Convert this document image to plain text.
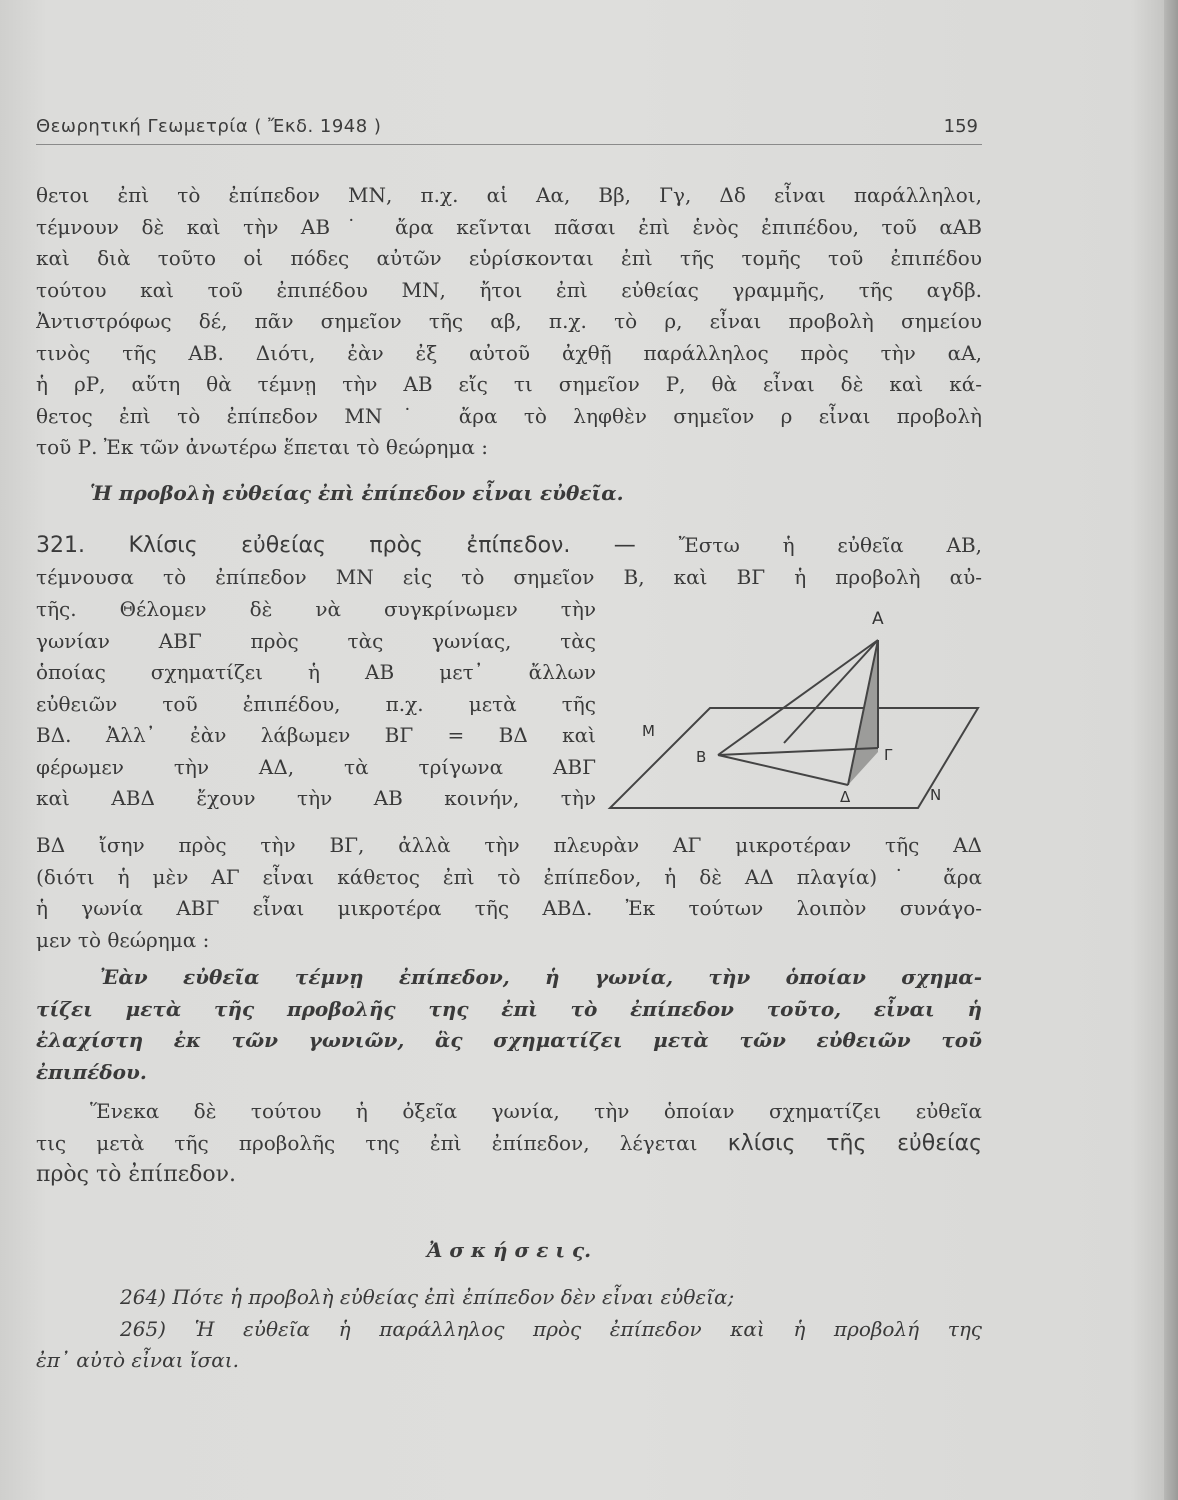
Θεωρητική Γεωμετρία ( Ἔκδ. 1948 )	159
θετοι ἐπὶ τὸ ἐπίπεδον ΜΝ, π.χ. αἱ Αα, Ββ, Γγ, Δδ εἶναι παράλληλοι,
τέμνουν δὲ καὶ τὴν ΑΒ˙ ἄρα κεῖνται πᾶσαι ἐπὶ ἑνὸς ἐπιπέδου, τοῦ αΑΒ
καὶ διὰ τοῦτο οἱ πόδες αὐτῶν εὑρίσκονται ἐπὶ τῆς τομῆς τοῦ ἐπιπέδου
τούτου καὶ τοῦ ἐπιπέδου ΜΝ, ἤτοι ἐπὶ εὐθείας γραμμῆς, τῆς αγδβ.
Ἀντιστρόφως δέ, πᾶν σημεῖον τῆς αβ, π.χ. τὸ ρ, εἶναι προβολὴ σημείου
τινὸς τῆς ΑΒ. Διότι, ἐὰν ἐξ αὐτοῦ ἀχθῇ παράλληλος πρὸς τὴν αΑ,
ἡ ρΡ, αὕτη θὰ τέμνῃ τὴν ΑΒ εἴς τι σημεῖον Ρ, θὰ εἶναι δὲ καὶ κά-
θετος ἐπὶ τὸ ἐπίπεδον ΜΝ˙ ἄρα τὸ ληφθὲν σημεῖον ρ εἶναι προβολὴ
τοῦ Ρ. Ἐκ τῶν ἀνωτέρω ἕπεται τὸ θεώρημα :
Ἡ προβολὴ εὐθείας ἐπὶ ἐπίπεδον εἶναι εὐθεῖα.
321. Κλίσις εὐθείας πρὸς ἐπίπεδον. — Ἔστω ἡ εὐθεῖα ΑΒ,
τέμνουσα τὸ ἐπίπεδον ΜΝ εἰς τὸ σημεῖον Β, καὶ ΒΓ ἡ προβολὴ αὐ-
τῆς. Θέλομεν δὲ νὰ συγκρίνωμεν τὴν
γωνίαν ΑΒΓ πρὸς τὰς γωνίας, τὰς
ὁποίας σχηματίζει ἡ ΑΒ μετ᾽ ἄλλων
εὐθειῶν τοῦ ἐπιπέδου, π.χ. μετὰ τῆς
ΒΔ. Ἀλλ᾽ ἐὰν λάβωμεν ΒΓ = ΒΔ καὶ
φέρωμεν τὴν ΑΔ, τὰ τρίγωνα ΑΒΓ
καὶ ΑΒΔ ἔχουν τὴν ΑΒ κοινήν, τὴν
A
M
B	Γ
Δ	N
ΒΔ ἴσην πρὸς τὴν ΒΓ, ἀλλὰ τὴν πλευρὰν ΑΓ μικροτέραν τῆς ΑΔ
(διότι ἡ μὲν ΑΓ εἶναι κάθετος ἐπὶ τὸ ἐπίπεδον, ἡ δὲ ΑΔ πλαγία)˙ ἄρα
ἡ γωνία ΑΒΓ εἶναι μικροτέρα τῆς ΑΒΔ. Ἐκ τούτων λοιπὸν συνάγο-
μεν τὸ θεώρημα :
Ἐὰν εὐθεῖα τέμνῃ ἐπίπεδον, ἡ γωνία, τὴν ὁποίαν σχημα-
τίζει μετὰ τῆς προβολῆς της ἐπὶ τὸ ἐπίπεδον τοῦτο, εἶναι ἡ
ἐλαχίστη ἐκ τῶν γωνιῶν, ἃς σχηματίζει μετὰ τῶν εὐθειῶν τοῦ
ἐπιπέδου.
Ἕνεκα δὲ τούτου ἡ ὀξεῖα γωνία, τὴν ὁποίαν σχηματίζει εὐθεῖα
τις μετὰ τῆς προβολῆς της ἐπὶ ἐπίπεδον, λέγεται κλίσις τῆς εὐθείας
πρὸς τὸ ἐπίπεδον.
Ἀ σ κ ή σ ε ι ς.
264) Πότε ἡ προβολὴ εὐθείας ἐπὶ ἐπίπεδον δὲν εἶναι εὐθεῖα;
265) Ἡ εὐθεῖα ἡ παράλληλος πρὸς ἐπίπεδον καὶ ἡ προβολή της
ἐπ᾽ αὐτὸ εἶναι ἴσαι.
